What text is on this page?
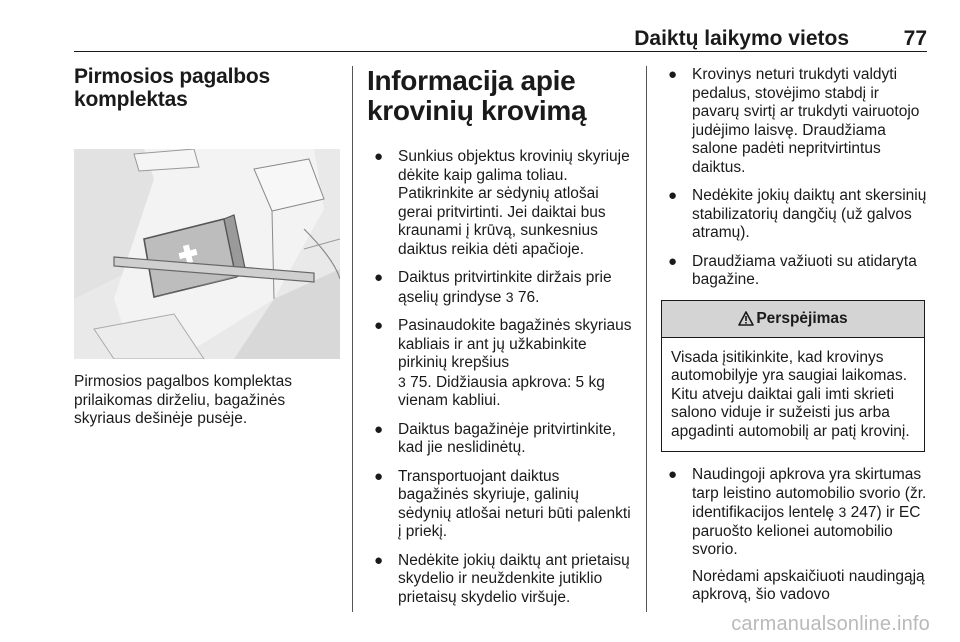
Daiktų laikymo vietos	77
Pirmosios pagalbos komplektas
Pirmosios pagalbos komplektas prilaikomas dirželiu, bagažinės skyriaus dešinėje pusėje.
Informacija apie krovinių krovimą
● Sunkius objektus krovinių skyriuje dėkite kaip galima toliau. Patikrinkite ar sėdynių atlošai gerai pritvirtinti. Jei daiktai bus kraunami į krūvą, sunkesnius daiktus reikia dėti apačioje.
● Daiktus pritvirtinkite diržais prie ąselių grindyse 3 76.
● Pasinaudokite bagažinės skyriaus kabliais ir ant jų užkabinkite pirkinių krepšius
3 75. Didžiausia apkrova: 5 kg vienam kabliui.
● Daiktus bagažinėje pritvirtinkite, kad jie neslidinėtų.
● Transportuojant daiktus bagažinės skyriuje, galinių sėdynių atlošai neturi būti palenkti į priekį.
● Nedėkite jokių daiktų ant prietaisų skydelio ir neuždenkite jutiklio prietaisų skydelio viršuje.
● Krovinys neturi trukdyti valdyti pedalus, stovėjimo stabdį ir pavarų svirtį ar trukdyti vairuotojo judėjimo laisvę. Draudžiama salone padėti nepritvirtintus daiktus.
● Nedėkite jokių daiktų ant skersinių stabilizatorių dangčių (už galvos atramų).
● Draudžiama važiuoti su atidaryta bagažine.
Perspėjimas
Visada įsitikinkite, kad krovinys automobilyje yra saugiai laikomas. Kitu atveju daiktai gali imti skrieti salono viduje ir sužeisti jus arba apgadinti automobilį ar patį krovinį.
● Naudingoji apkrova yra skirtumas tarp leistino automobilio svorio (žr. identifikacijos lentelę 3 247) ir EC paruošto kelionei automobilio svorio.
Norėdami apskaičiuoti naudingąją apkrovą, šio vadovo
carmanualsonline.info
